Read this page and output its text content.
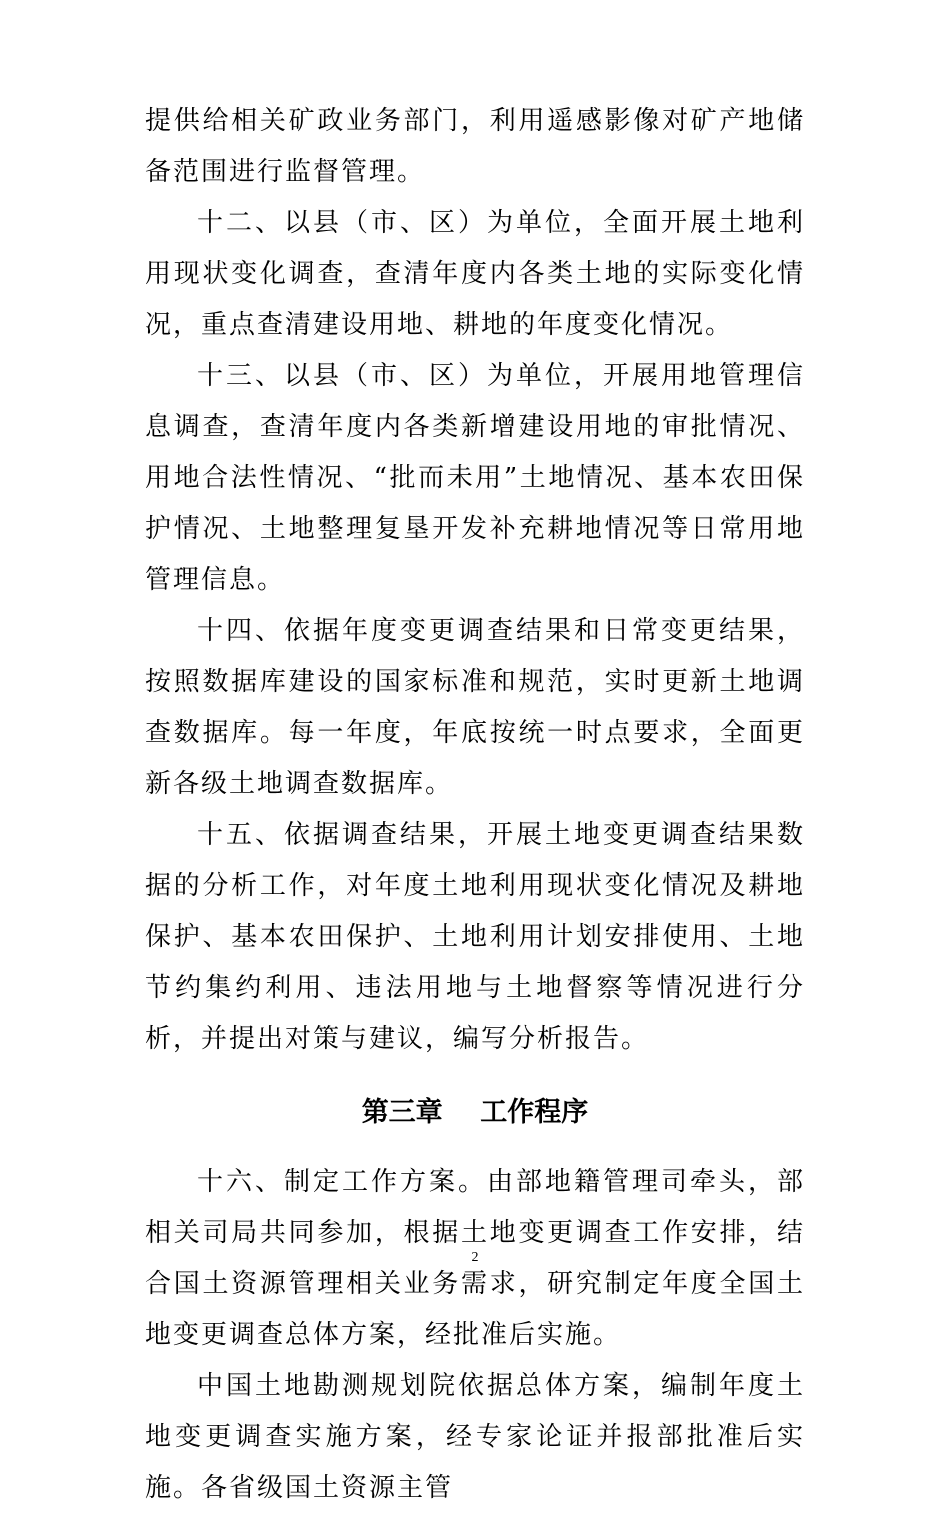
提供给相关矿政业务部门，利用遥感影像对矿产地储备范围进行监督管理。

十二、以县（市、区）为单位，全面开展土地利用现状变化调查，查清年度内各类土地的实际变化情况，重点查清建设用地、耕地的年度变化情况。

十三、以县（市、区）为单位，开展用地管理信息调查，查清年度内各类新增建设用地的审批情况、用地合法性情况、“批而未用”土地情况、基本农田保护情况、土地整理复垦开发补充耕地情况等日常用地管理信息。

十四、依据年度变更调查结果和日常变更结果，按照数据库建设的国家标准和规范，实时更新土地调查数据库。每一年度，年底按统一时点要求，全面更新各级土地调查数据库。

十五、依据调查结果，开展土地变更调查结果数据的分析工作，对年度土地利用现状变化情况及耕地保护、基本农田保护、土地利用计划安排使用、土地节约集约利用、违法用地与土地督察等情况进行分析，并提出对策与建议，编写分析报告。

第三章    工作程序

十六、制定工作方案。由部地籍管理司牵头，部相关司局共同参加，根据土地变更调查工作安排，结合国土资源管理相关业务需求，研究制定年度全国土地变更调查总体方案，经批准后实施。

中国土地勘测规划院依据总体方案，编制年度土地变更调查实施方案，经专家论证并报部批准后实施。各省级国土资源主管

2
